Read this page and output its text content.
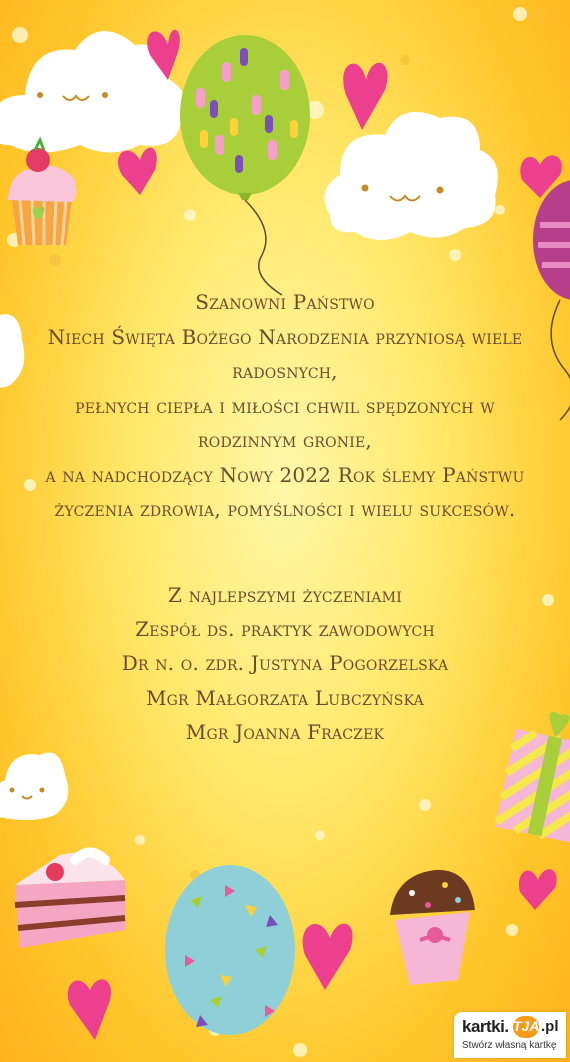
Szanowni Państwo
Niech Święta Bożego Narodzenia przyniosą wiele
radosnych,
pełnych ciepła i miłości chwil spędzonych w
rodzinnym gronie,
a na nadchodzący Nowy 2022 Rok ślemy Państwu
życzenia zdrowia, pomyślności i wielu sukcesów.
Z najlepszymi życzeniami
Zespół ds. praktyk zawodowych
Dr n. o. zdr. Justyna Pogorzelska
Mgr Małgorzata Lubczyńska
Mgr Joanna Fraczek
kartki. TJA .pl
Stwórz własną kartkę
